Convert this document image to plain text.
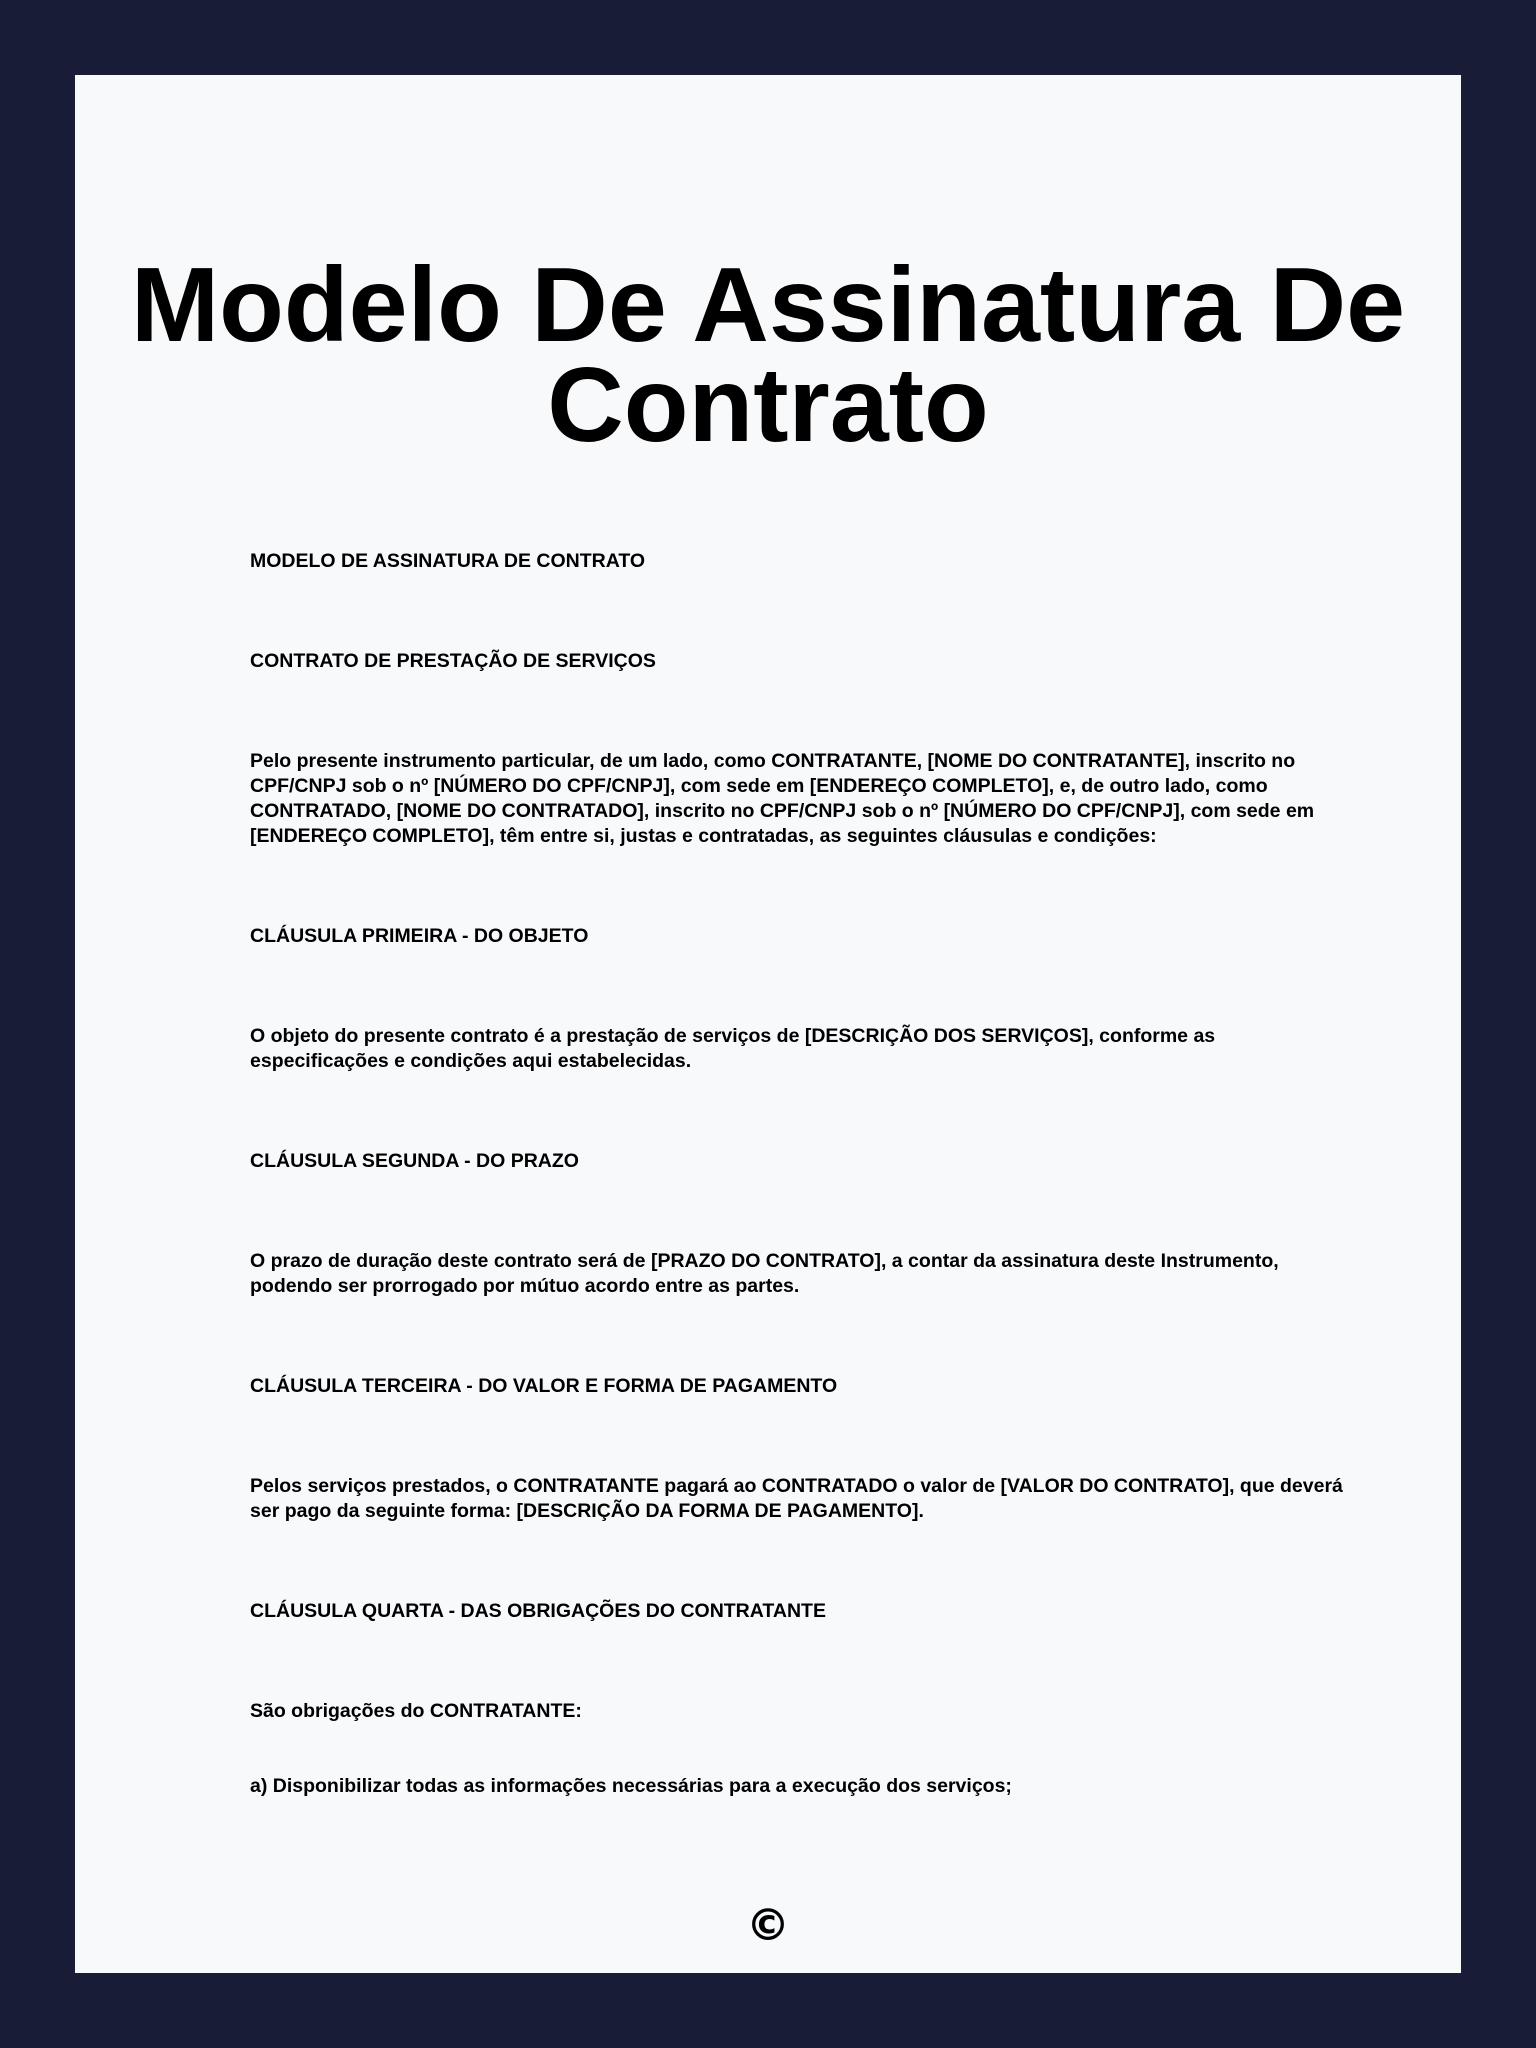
Modelo De Assinatura De Contrato

MODELO DE ASSINATURA DE CONTRATO

CONTRATO DE PRESTAÇÃO DE SERVIÇOS

Pelo presente instrumento particular, de um lado, como CONTRATANTE, [NOME DO CONTRATANTE], inscrito no CPF/CNPJ sob o nº [NÚMERO DO CPF/CNPJ], com sede em [ENDEREÇO COMPLETO], e, de outro lado, como CONTRATADO, [NOME DO CONTRATADO], inscrito no CPF/CNPJ sob o nº [NÚMERO DO CPF/CNPJ], com sede em [ENDEREÇO COMPLETO], têm entre si, justas e contratadas, as seguintes cláusulas e condições:

CLÁUSULA PRIMEIRA - DO OBJETO

O objeto do presente contrato é a prestação de serviços de [DESCRIÇÃO DOS SERVIÇOS], conforme as especificações e condições aqui estabelecidas.

CLÁUSULA SEGUNDA - DO PRAZO

O prazo de duração deste contrato será de [PRAZO DO CONTRATO], a contar da assinatura deste Instrumento, podendo ser prorrogado por mútuo acordo entre as partes.

CLÁUSULA TERCEIRA - DO VALOR E FORMA DE PAGAMENTO

Pelos serviços prestados, o CONTRATANTE pagará ao CONTRATADO o valor de [VALOR DO CONTRATO], que deverá ser pago da seguinte forma: [DESCRIÇÃO DA FORMA DE PAGAMENTO].

CLÁUSULA QUARTA - DAS OBRIGAÇÕES DO CONTRATANTE

São obrigações do CONTRATANTE:

a) Disponibilizar todas as informações necessárias para a execução dos serviços;

©
